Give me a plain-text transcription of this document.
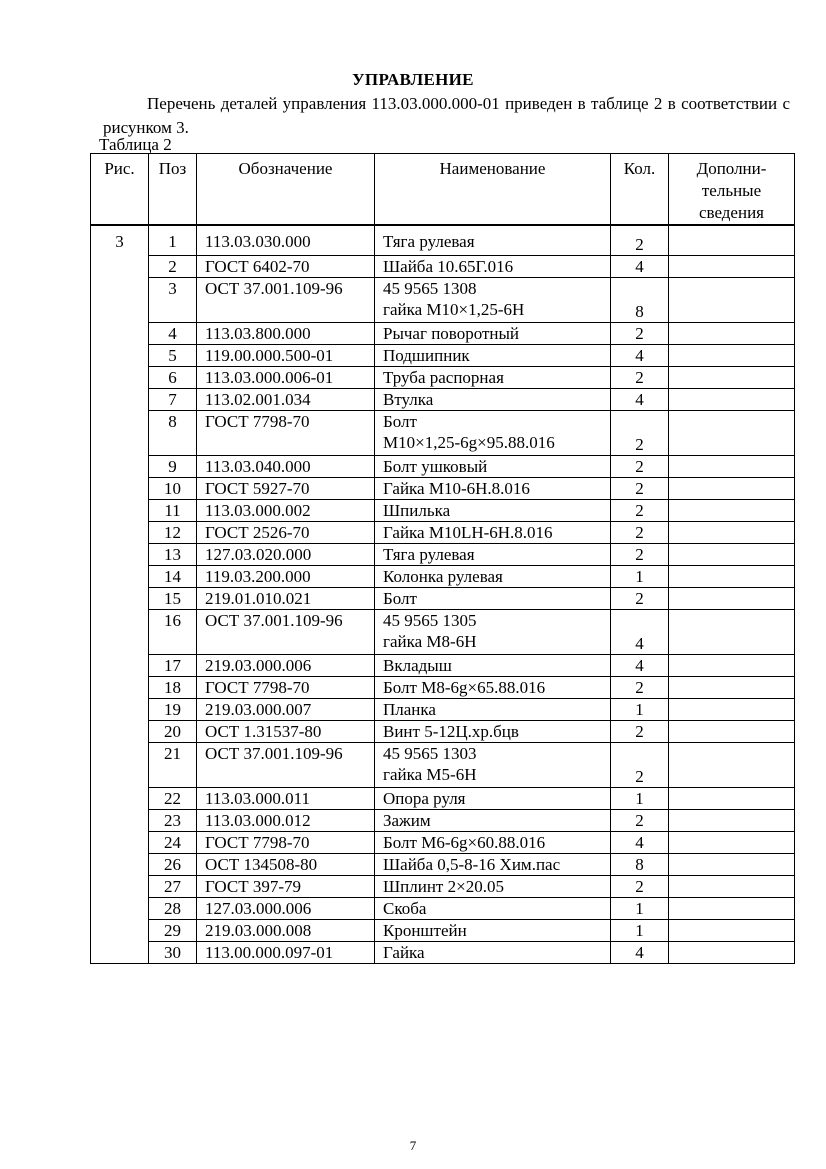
УПРАВЛЕНИЕ
Перечень деталей управления 113.03.000.000-01 приведен в таблице 2 в соответствии с рисунком 3.
Таблица 2
Рис.	Поз	Обозначение	Наименование	Кол.	Дополни-
тельные
сведения

3	1	113.03.030.000	Тяга рулевая	2	
	2	ГОСТ 6402-70	Шайба 10.65Г.016	4	
	3	ОСТ 37.001.109-96	45 9565 1308
гайка М10×1,25-6Н	8	
	4	113.03.800.000	Рычаг поворотный	2	
	5	119.00.000.500-01	Подшипник	4	
	6	113.03.000.006-01	Труба распорная	2	
	7	113.02.001.034	Втулка	4	
	8	ГОСТ 7798-70	Болт
М10×1,25-6g×95.88.016	2	
	9	113.03.040.000	Болт ушковый	2	
	10	ГОСТ 5927-70	Гайка М10-6Н.8.016	2	
	11	113.03.000.002	Шпилька	2	
	12	ГОСТ 2526-70	Гайка М10LН-6Н.8.016	2	
	13	127.03.020.000	Тяга рулевая	2	
	14	119.03.200.000	Колонка рулевая	1	
	15	219.01.010.021	Болт	2	
	16	ОСТ 37.001.109-96	45 9565 1305
гайка М8-6Н	4	
	17	219.03.000.006	Вкладыш	4	
	18	ГОСТ 7798-70	Болт М8-6g×65.88.016	2	
	19	219.03.000.007	Планка	1	
	20	ОСТ 1.31537-80	Винт 5-12Ц.хр.бцв	2	
	21	ОСТ 37.001.109-96	45 9565 1303
гайка М5-6Н	2	
	22	113.03.000.011	Опора руля	1	
	23	113.03.000.012	Зажим	2	
	24	ГОСТ 7798-70	Болт М6-6g×60.88.016	4	
	26	ОСТ 134508-80	Шайба 0,5-8-16 Хим.пас	8	
	27	ГОСТ 397-79	Шплинт 2×20.05	2	
	28	127.03.000.006	Скоба	1	
	29	219.03.000.008	Кронштейн	1	
	30	113.00.000.097-01	Гайка	4	
7
